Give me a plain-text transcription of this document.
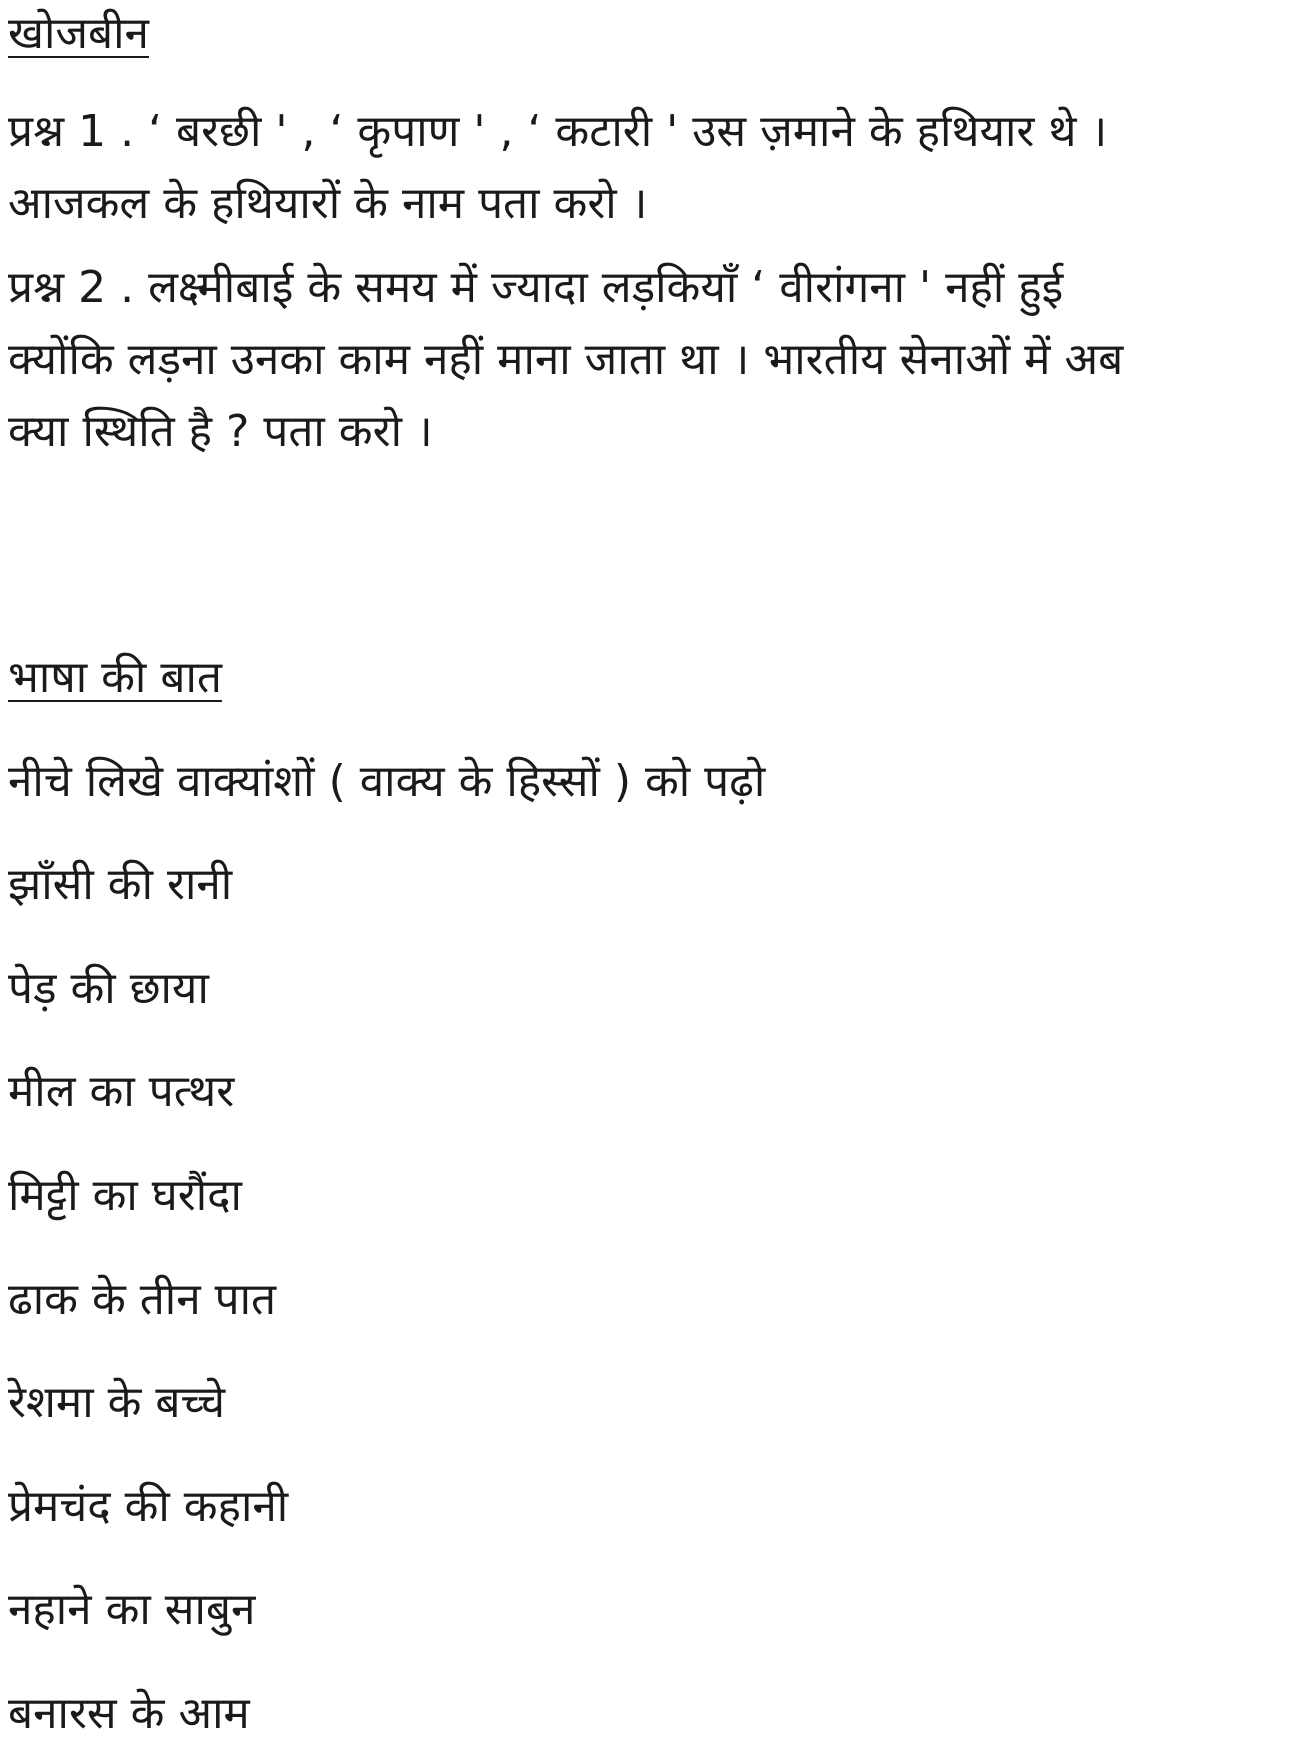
खोजबीन
प्रश्न 1 . ‘ बरछी ' , ‘ कृपाण ' , ‘ कटारी ' उस ज़माने के हथियार थे ।
आजकल के हथियारों के नाम पता करो ।
प्रश्न 2 . लक्ष्मीबाई के समय में ज्यादा लड़कियाँ ‘ वीरांगना ' नहीं हुई
क्योंकि लड़ना उनका काम नहीं माना जाता था । भारतीय सेनाओं में अब
क्या स्थिति है ? पता करो ।
भाषा की बात
नीचे लिखे वाक्यांशों ( वाक्य के हिस्सों ) को पढ़ो
झाँसी की रानी
पेड़ की छाया
मील का पत्थर
मिट्टी का घरौंदा
ढाक के तीन पात
रेशमा के बच्चे
प्रेमचंद की कहानी
नहाने का साबुन
बनारस के आम
